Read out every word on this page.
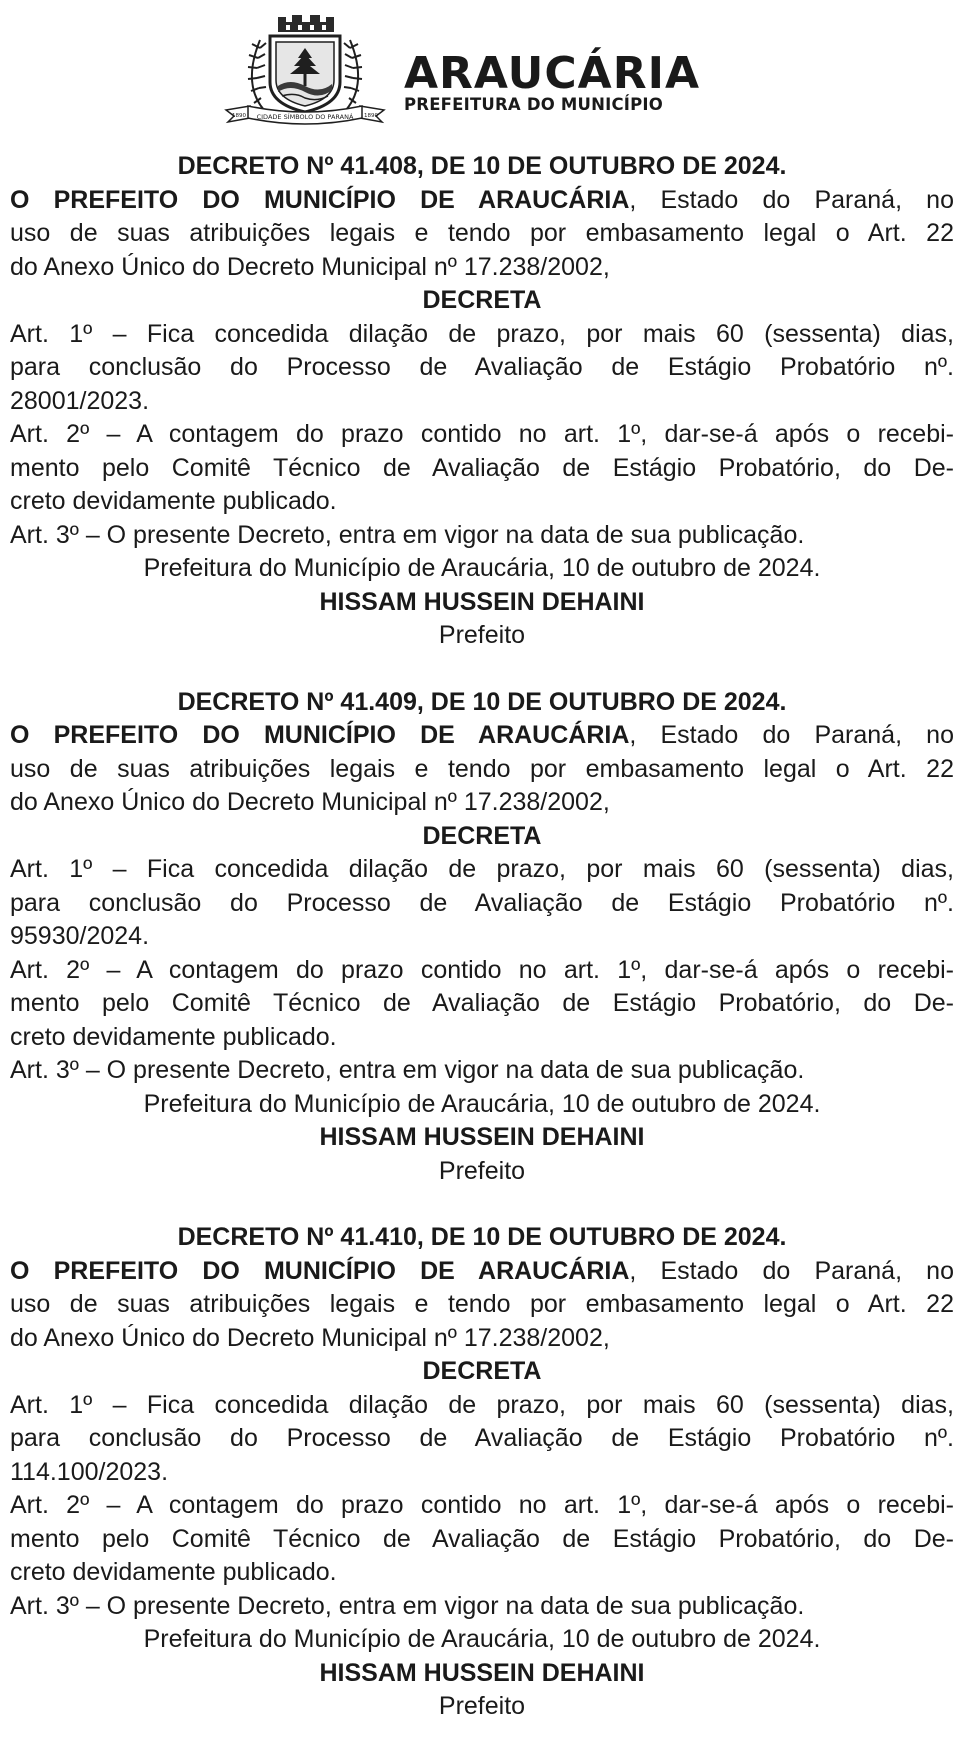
CIDADE SÍMBOLO DO PARANÁ
1890	1890
ARAUCÁRIA
PREFEITURA DO MUNICÍPIO
DECRETO Nº 41.408, DE 10 DE OUTUBRO DE 2024.
O PREFEITO DO MUNICÍPIO DE ARAUCÁRIA, Estado do Paraná, no
uso de suas atribuições legais e tendo por embasamento legal o Art. 22
do Anexo Único do Decreto Municipal nº 17.238/2002,
DECRETA
Art. 1º – Fica concedida dilação de prazo, por mais 60 (sessenta) dias,
para conclusão do Processo de Avaliação de Estágio Probatório nº.
28001/2023.
Art. 2º – A contagem do prazo contido no art. 1º, dar-se-á após o recebi-
mento pelo Comitê Técnico de Avaliação de Estágio Probatório, do De-
creto devidamente publicado.
Art. 3º – O presente Decreto, entra em vigor na data de sua publicação.
Prefeitura do Município de Araucária, 10 de outubro de 2024.
HISSAM HUSSEIN DEHAINI
Prefeito
DECRETO Nº 41.409, DE 10 DE OUTUBRO DE 2024.
O PREFEITO DO MUNICÍPIO DE ARAUCÁRIA, Estado do Paraná, no
uso de suas atribuições legais e tendo por embasamento legal o Art. 22
do Anexo Único do Decreto Municipal nº 17.238/2002,
DECRETA
Art. 1º – Fica concedida dilação de prazo, por mais 60 (sessenta) dias,
para conclusão do Processo de Avaliação de Estágio Probatório nº.
95930/2024.
Art. 2º – A contagem do prazo contido no art. 1º, dar-se-á após o recebi-
mento pelo Comitê Técnico de Avaliação de Estágio Probatório, do De-
creto devidamente publicado.
Art. 3º – O presente Decreto, entra em vigor na data de sua publicação.
Prefeitura do Município de Araucária, 10 de outubro de 2024.
HISSAM HUSSEIN DEHAINI
Prefeito
DECRETO Nº 41.410, DE 10 DE OUTUBRO DE 2024.
O PREFEITO DO MUNICÍPIO DE ARAUCÁRIA, Estado do Paraná, no
uso de suas atribuições legais e tendo por embasamento legal o Art. 22
do Anexo Único do Decreto Municipal nº 17.238/2002,
DECRETA
Art. 1º – Fica concedida dilação de prazo, por mais 60 (sessenta) dias,
para conclusão do Processo de Avaliação de Estágio Probatório nº.
114.100/2023.
Art. 2º – A contagem do prazo contido no art. 1º, dar-se-á após o recebi-
mento pelo Comitê Técnico de Avaliação de Estágio Probatório, do De-
creto devidamente publicado.
Art. 3º – O presente Decreto, entra em vigor na data de sua publicação.
Prefeitura do Município de Araucária, 10 de outubro de 2024.
HISSAM HUSSEIN DEHAINI
Prefeito
